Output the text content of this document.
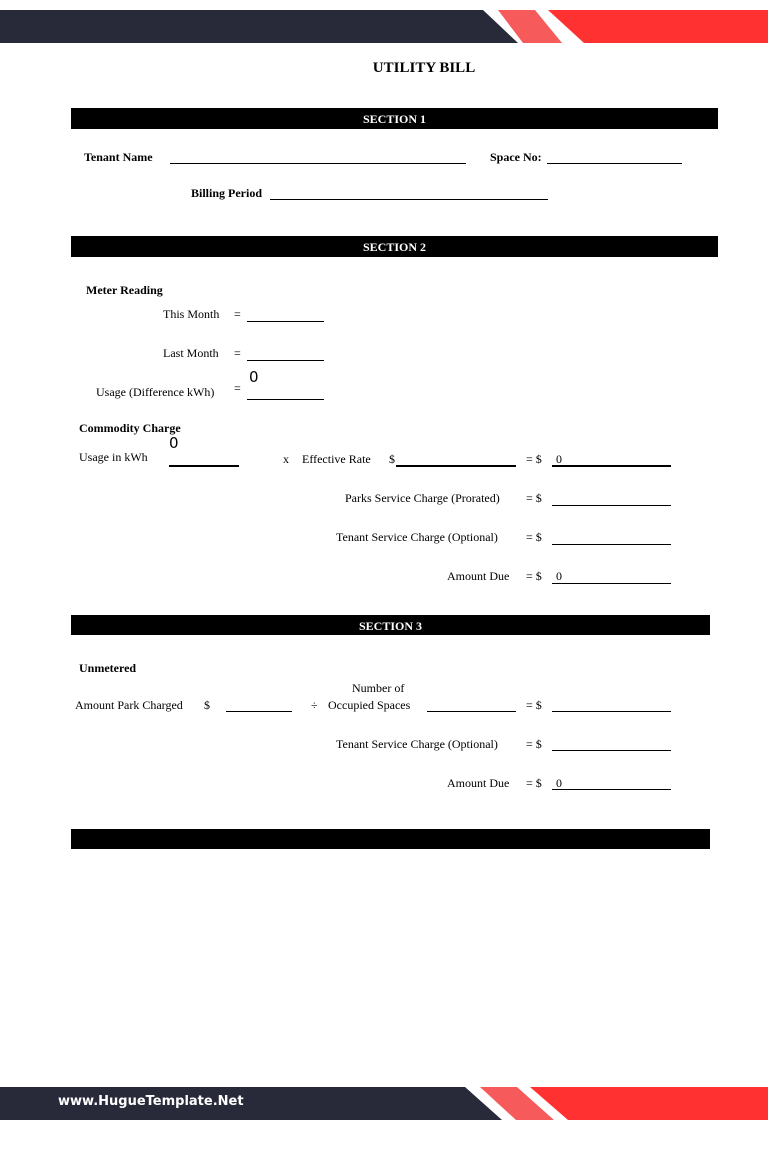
UTILITY BILL
SECTION 1
Tenant Name	Space No:
Billing Period
SECTION 2
Meter Reading
This Month =
Last Month =
Usage (Difference kWh) =
0
Commodity Charge
Usage in kWh
0
x Effective Rate $	= $ 0
Parks Service Charge (Prorated) = $
Tenant Service Charge (Optional) = $
Amount Due = $ 0
SECTION 3
Unmetered
Amount Park Charged $	÷
Number of
Occupied Spaces	= $
Tenant Service Charge (Optional) = $
Amount Due = $ 0
www.HugueTemplate.Net
